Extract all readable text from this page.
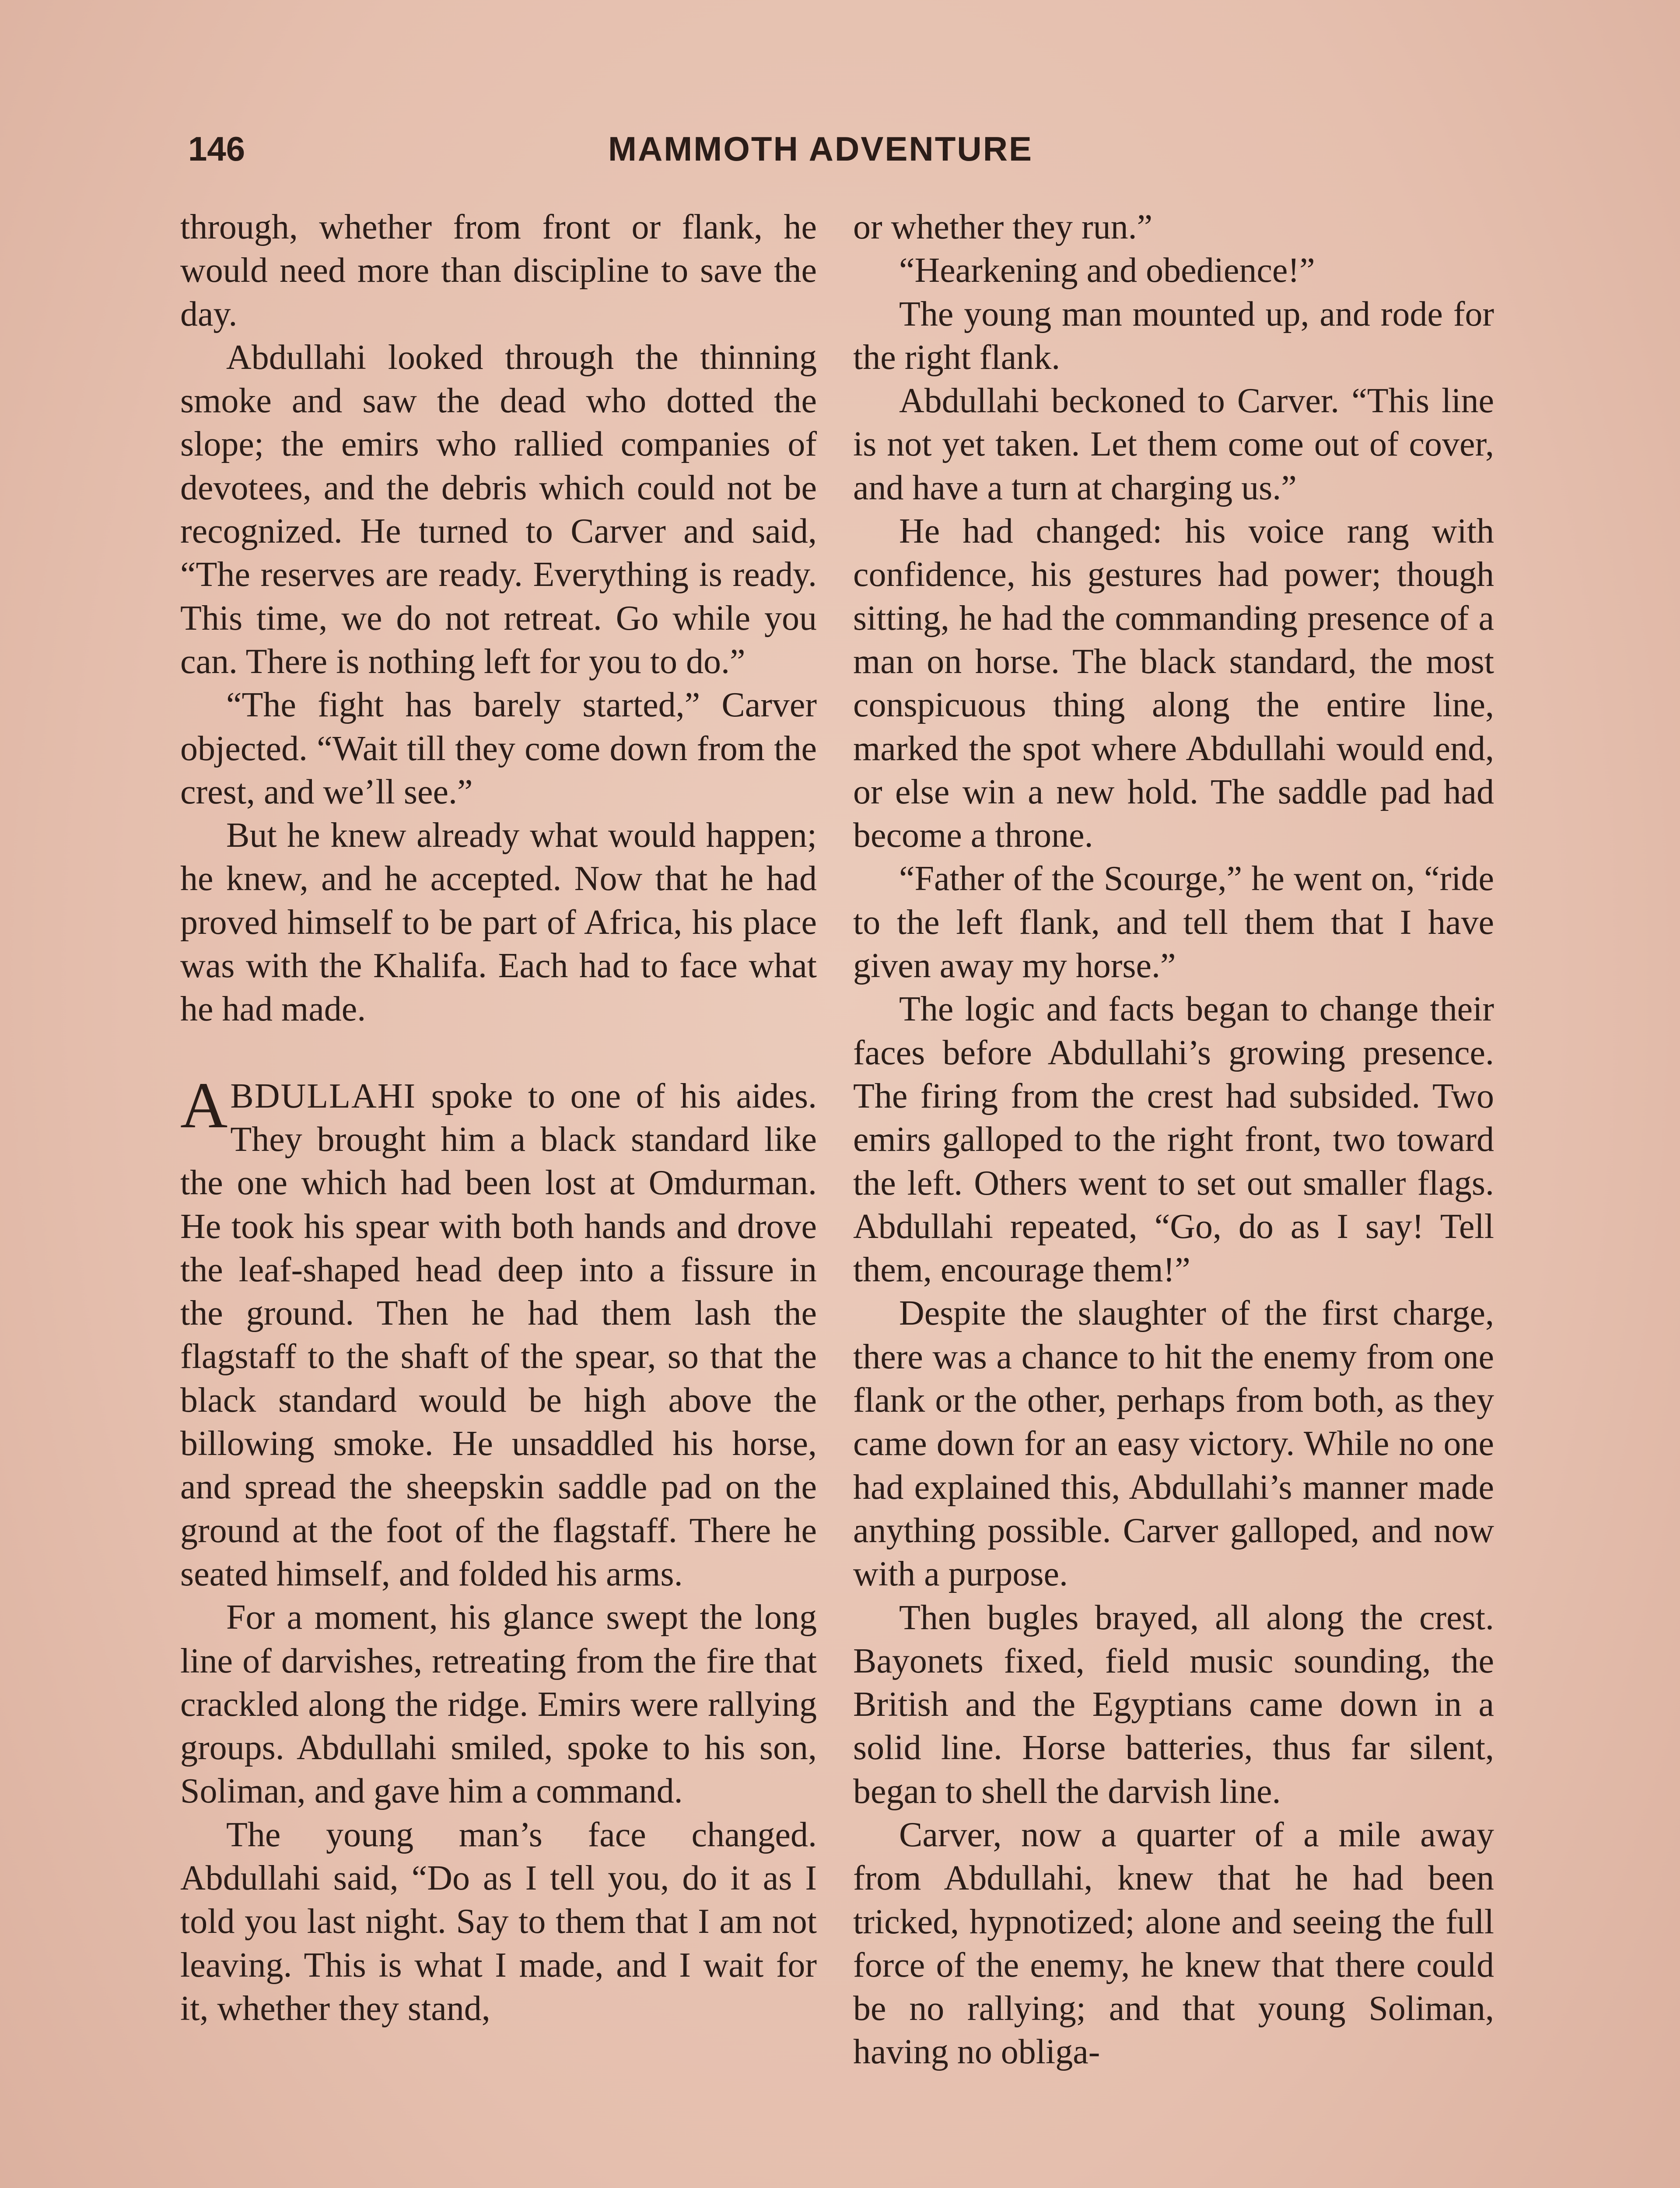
146	MAMMOTH ADVENTURE

through, whether from front or flank, he would need more than discipline to save the day.

Abdullahi looked through the thinning smoke and saw the dead who dotted the slope; the emirs who rallied companies of devotees, and the debris which could not be recognized. He turned to Carver and said, “The reserves are ready. Everything is ready. This time, we do not retreat. Go while you can. There is nothing left for you to do.”

“The fight has barely started,” Carver objected. “Wait till they come down from the crest, and we’ll see.”

But he knew already what would happen; he knew, and he accepted. Now that he had proved himself to be part of Africa, his place was with the Khalifa. Each had to face what he had made.

ABDULLAHI spoke to one of his aides. They brought him a black standard like the one which had been lost at Omdurman. He took his spear with both hands and drove the leaf-shaped head deep into a fissure in the ground. Then he had them lash the flagstaff to the shaft of the spear, so that the black standard would be high above the billowing smoke. He unsaddled his horse, and spread the sheepskin saddle pad on the ground at the foot of the flagstaff. There he seated himself, and folded his arms.

For a moment, his glance swept the long line of darvishes, retreating from the fire that crackled along the ridge. Emirs were rallying groups. Abdullahi smiled, spoke to his son, Soliman, and gave him a command.

The young man’s face changed. Abdullahi said, “Do as I tell you, do it as I told you last night. Say to them that I am not leaving. This is what I made, and I wait for it, whether they stand,

or whether they run.”

“Hearkening and obedience!”

The young man mounted up, and rode for the right flank.

Abdullahi beckoned to Carver. “This line is not yet taken. Let them come out of cover, and have a turn at charging us.”

He had changed: his voice rang with confidence, his gestures had power; though sitting, he had the commanding presence of a man on horse. The black standard, the most conspicuous thing along the entire line, marked the spot where Abdullahi would end, or else win a new hold. The saddle pad had become a throne.

“Father of the Scourge,” he went on, “ride to the left flank, and tell them that I have given away my horse.”

The logic and facts began to change their faces before Abdullahi’s growing presence. The firing from the crest had subsided. Two emirs galloped to the right front, two toward the left. Others went to set out smaller flags. Abdullahi repeated, “Go, do as I say! Tell them, encourage them!”

Despite the slaughter of the first charge, there was a chance to hit the enemy from one flank or the other, perhaps from both, as they came down for an easy victory. While no one had explained this, Abdullahi’s manner made anything possible. Carver galloped, and now with a purpose.

Then bugles brayed, all along the crest. Bayonets fixed, field music sounding, the British and the Egyptians came down in a solid line. Horse batteries, thus far silent, began to shell the darvish line.

Carver, now a quarter of a mile away from Abdullahi, knew that he had been tricked, hypnotized; alone and seeing the full force of the enemy, he knew that there could be no rallying; and that young Soliman, having no obliga-
